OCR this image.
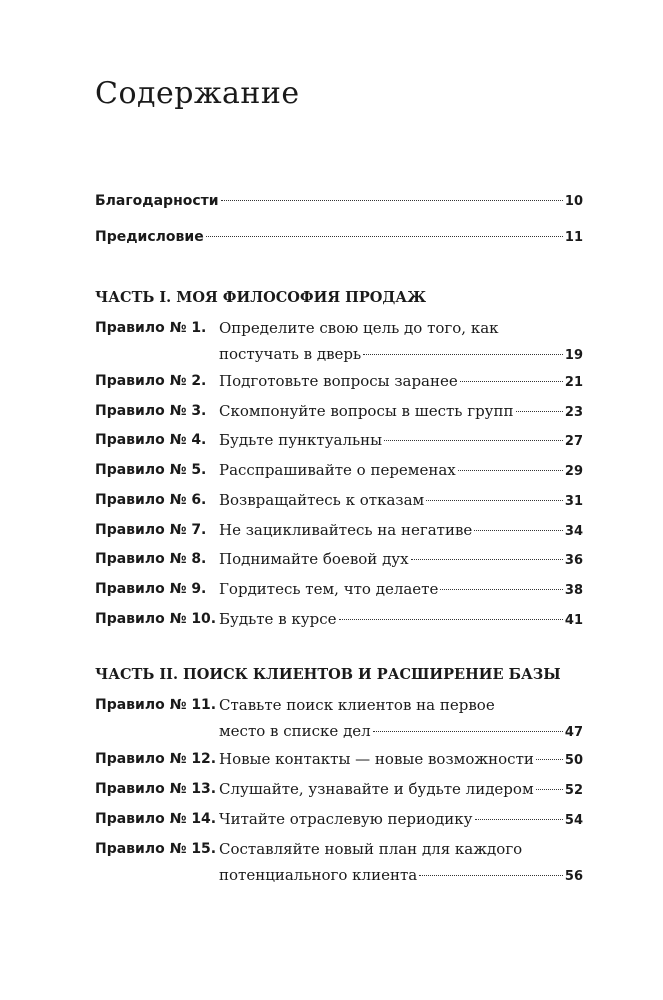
Содержание
Благодарности	10
Предисловие	11
ЧАСТЬ I. МОЯ ФИЛОСОФИЯ ПРОДАЖ
Правило № 1. Определите свою цель до того, как
постучать в дверь	19
Правило № 2. Подготовьте вопросы заранее	21
Правило № 3. Скомпонуйте вопросы в шесть групп	23
Правило № 4. Будьте пунктуальны	27
Правило № 5. Расспрашивайте о переменах	29
Правило № 6. Возвращайтесь к отказам	31
Правило № 7. Не зацикливайтесь на негативе	34
Правило № 8. Поднимайте боевой дух	36
Правило № 9. Гордитесь тем, что делаете	38
Правило № 10. Будьте в курсе	41
ЧАСТЬ II. ПОИСК КЛИЕНТОВ И РАСШИРЕНИЕ БАЗЫ
Правило № 11. Ставьте поиск клиентов на первое
место в списке дел	47
Правило № 12. Новые контакты — новые возможности 50
Правило № 13. Слушайте, узнавайте и будьте лидером 52
Правило № 14. Читайте отраслевую периодику	54
Правило № 15. Составляйте новый план для каждого
потенциального клиента	56
